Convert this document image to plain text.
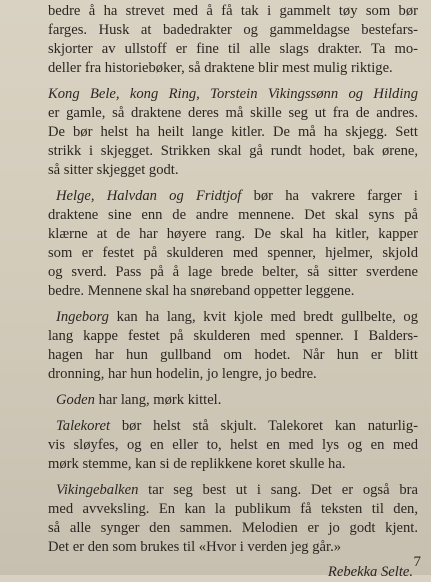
bedre å ha strevet med å få tak i gammelt tøy som bør
farges. Husk at badedrakter og gammeldagse bestefars-
skjorter av ullstoff er fine til alle slags drakter. Ta mo-
deller fra historiebøker, så draktene blir mest mulig riktige.
Kong Bele, kong Ring, Torstein Vikingssønn og Hilding
er gamle, så draktene deres må skille seg ut fra de andres.
De bør helst ha heilt lange kitler. De må ha skjegg. Sett
strikk i skjegget. Strikken skal gå rundt hodet, bak ørene,
så sitter skjegget godt.
Helge, Halvdan og Fridtjof bør ha vakrere farger i
draktene sine enn de andre mennene. Det skal syns på
klærne at de har høyere rang. De skal ha kitler, kapper
som er festet på skulderen med spenner, hjelmer, skjold
og sverd. Pass på å lage brede belter, så sitter sverdene
bedre. Mennene skal ha snøreband oppetter leggene.
Ingeborg kan ha lang, kvit kjole med bredt gullbelte, og
lang kappe festet på skulderen med spenner. I Balders-
hagen har hun gullband om hodet. Når hun er blitt
dronning, har hun hodelin, jo lengre, jo bedre.
Goden har lang, mørk kittel.
Talekoret bør helst stå skjult. Talekoret kan naturlig-
vis sløyfes, og en eller to, helst en med lys og en med
mørk stemme, kan si de replikkene koret skulle ha.
Vikingebalken tar seg best ut i sang. Det er også bra
med avveksling. En kan la publikum få teksten til den,
så alle synger den sammen. Melodien er jo godt kjent.
Det er den som brukes til «Hvor i verden jeg går.»
Rebekka Selte.
7
